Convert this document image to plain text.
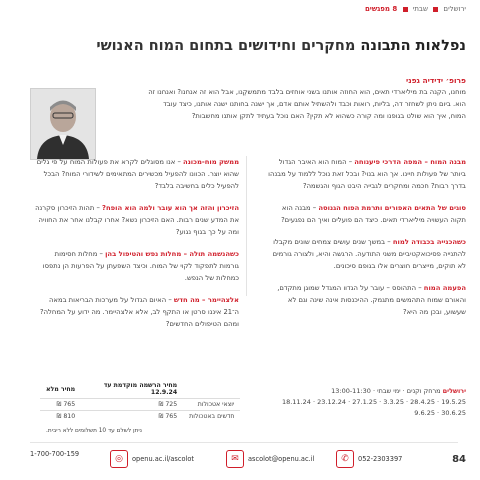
ירושלים  שבתי  8 מפגשים
נפלאות התבונה מחקרים וחידושים בתחום המוח האנושי
פרופ׳ ידידיה גפני
מוחנו, הקִנה בת מיליארדי תאים, הוא החוזה אותנו בשני אוחזים בלבד מתמשקֶנו, אבל הוא זה אנחנו? ואנחנו זה הוא. ביום ניתן לשחזר דה, בליות, רואות וכבד ולהשתיל אותם אדם, אך ישנה בחותנו ישנה אותנו, כיצד עובד המוח, איך הוא שולט בגופנו ומה קורה כשהוא לא תקין? האם נוכל בעתיד לתקן אותנו מחשבות?

מבנה המוח – המפה הדרכי פיענוחה – המוח הוא האיבר הגדול ביותר של פעולות חיינו. אך הוא בנוי? ובכל זאת נוכל ללמוד על מבנהו בדרך רבות? חכמה ומחקרים לגבייה היבט הגוף והגשמה?

סוגים של התאים האפורים ותרמת הפוח הגנוסה – מבנה הוא תקוה העשויה מיליארדי תאים. כיצד הם פועלים ואיך הם נפגעים?

כשהכנייה בכבודה למוח – במשך שנים עושים צמחים שונים מקבלו להתנייה פסיכואקטיביים משני התודעה. הרגשה והיא, ולצורה גורמים לא תוקים, מייצרים חוצרים אלו בגופם סיכונים.

הפעמה המוח – התהוסס – עובר על הגדוו המגדל שמוגן מתקדם, והאורם שמוח התהמשים מתגמק. ההיכנסות אינה שינה וגם לא שעשוע, ובכן מה היא?

ממשק מוח-מכונה – אנו מסוגלים לקרא את פעולות המוח על פי גלים שהוא יוצר. הכוונו להפעיל מכשירים המתאימים לשידורי המוח? הבכל להפעיל כלים בחשיבה בלבד?

הזיכרון והזה אך הוא עובר ולמה הוא הופח? – תהות הזיכרון סקרנה את המדע שנים רבות. האם הזיכרון נשא? אחרו קבלנו אחר את החוויה ומה על כך בגוף נגוע?

כשהנשמה תולה – מחלות נפש והטיפול בהן – מחלות חסימות גורמות לתפקוד לקוי של המוח. וכיצד השפעתן על הפרעות הן נתפסו כמחלות של הנפש.

אלצהיימר – מה חדש – האיום הגדול על מערכות הבריאות במאה ה־21 איננו סרטן או התקף לב, אלא אלצהיימר. מה ידוע על המחלה? ומהם הטיפולים החדשים?

ירושלים מרחק וקנים · ימי שבתי · 13:00-11:30
19.5.25 · 28.4.25 · 3.3.25 · 27.1.25 · 23.12.24 · 18.11.24
30.6.25 · 9.6.25
	מחיר הרשמה מוקדמת עד 12.9.24	מחיר מלא
יוצאי אטכולות	725 ₪	765 ₪
חדשים באטכולות	765 ₪	810 ₪
ניתן לשלם עד 10 תשלומים ללא ריבית.
1-700-700-159	◎	openu.ac.il/ascolot	✉	ascolot@openu.ac.il	✆	052-2303397	84
